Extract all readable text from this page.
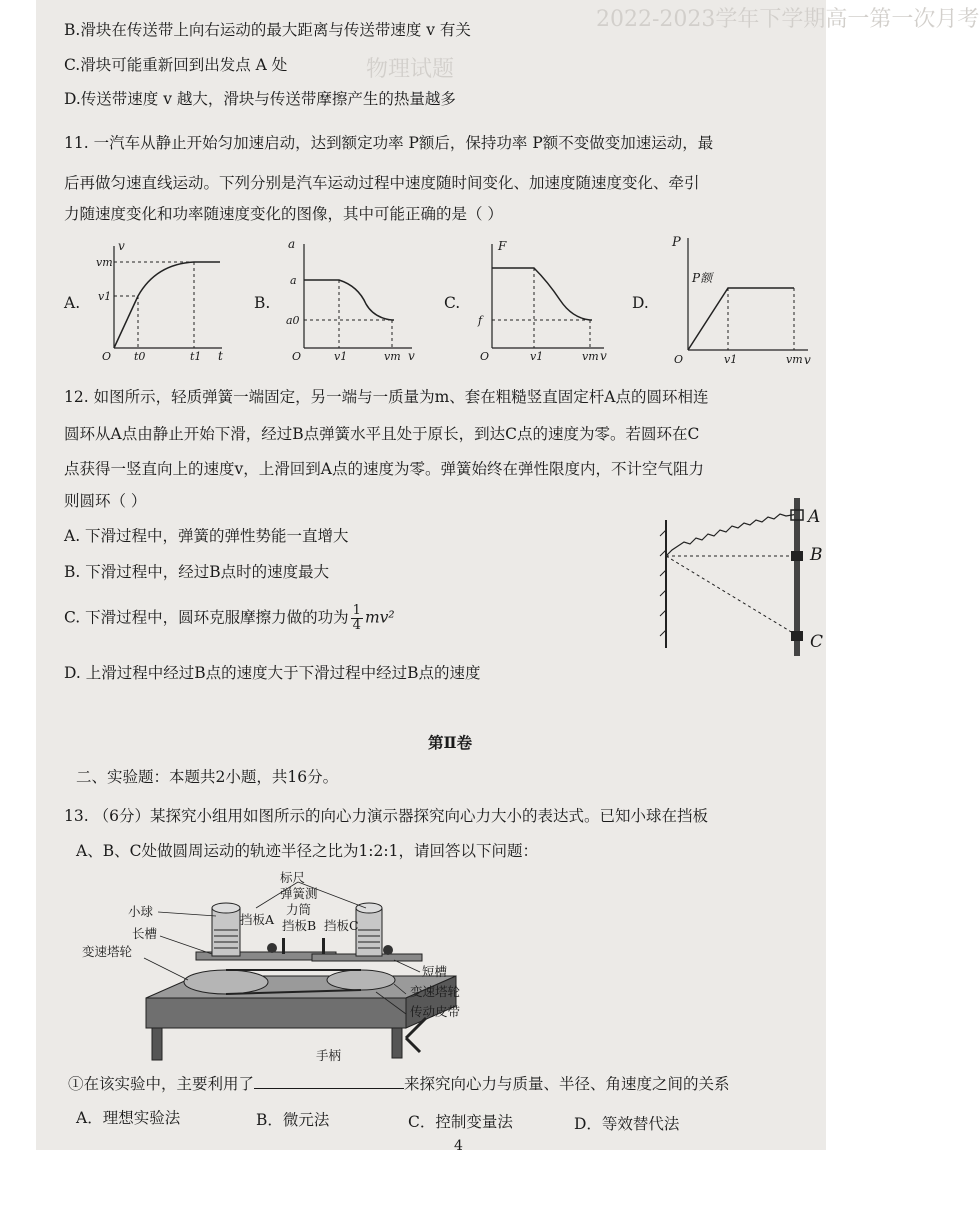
2022-2023学年下学期高一第一次月考
物理试题
B.滑块在传送带上向右运动的最大距离与传送带速度 v 有关
C.滑块可能重新回到出发点 A 处
D.传送带速度 v 越大，滑块与传送带摩擦产生的热量越多
11. 一汽车从静止开始匀加速启动，达到额定功率 P额后，保持功率 P额不变做变加速运动，最
后再做匀速直线运动。下列分别是汽车运动过程中速度随时间变化、加速度随速度变化、牵引
力随速度变化和功率随速度变化的图像，其中可能正确的是（ ）
A.
v
t
vm
v1
t0	t1
O
B.
a
v
a
a0
v1	vm
O
C.
F
v
f
v1	vm
O
D.
P
v
P额
v1	vm
O
12. 如图所示，轻质弹簧一端固定，另一端与一质量为m、套在粗糙竖直固定杆A点的圆环相连
圆环从A点由静止开始下滑，经过B点弹簧水平且处于原长，到达C点的速度为零。若圆环在C
点获得一竖直向上的速度v，上滑回到A点的速度为零。弹簧始终在弹性限度内，不计空气阻力
则圆环（ ）
A. 下滑过程中，弹簧的弹性势能一直增大
B. 下滑过程中，经过B点时的速度最大
C. 下滑过程中，圆环克服摩擦力做的功为 $\frac{1}{4} mv^2$
D. 上滑过程中经过B点的速度大于下滑过程中经过B点的速度
A
B
C
第Ⅱ卷
二、实验题：本题共2小题，共16分。
13. （6分）某探究小组用如图所示的向心力演示器探究向心力大小的表达式。已知小球在挡板
A、B、C处做圆周运动的轨迹半径之比为1:2:1，请回答以下问题：
标尺
弹簧测
力筒
小球
长槽
挡板A 挡板B 挡板C
变速塔轮
短槽
变速塔轮
传动皮带
手柄
①在该实验中，主要利用了	来探究向心力与质量、半径、角速度之间的关系
A．理想实验法	B．微元法	C．控制变量法	D．等效替代法
4
